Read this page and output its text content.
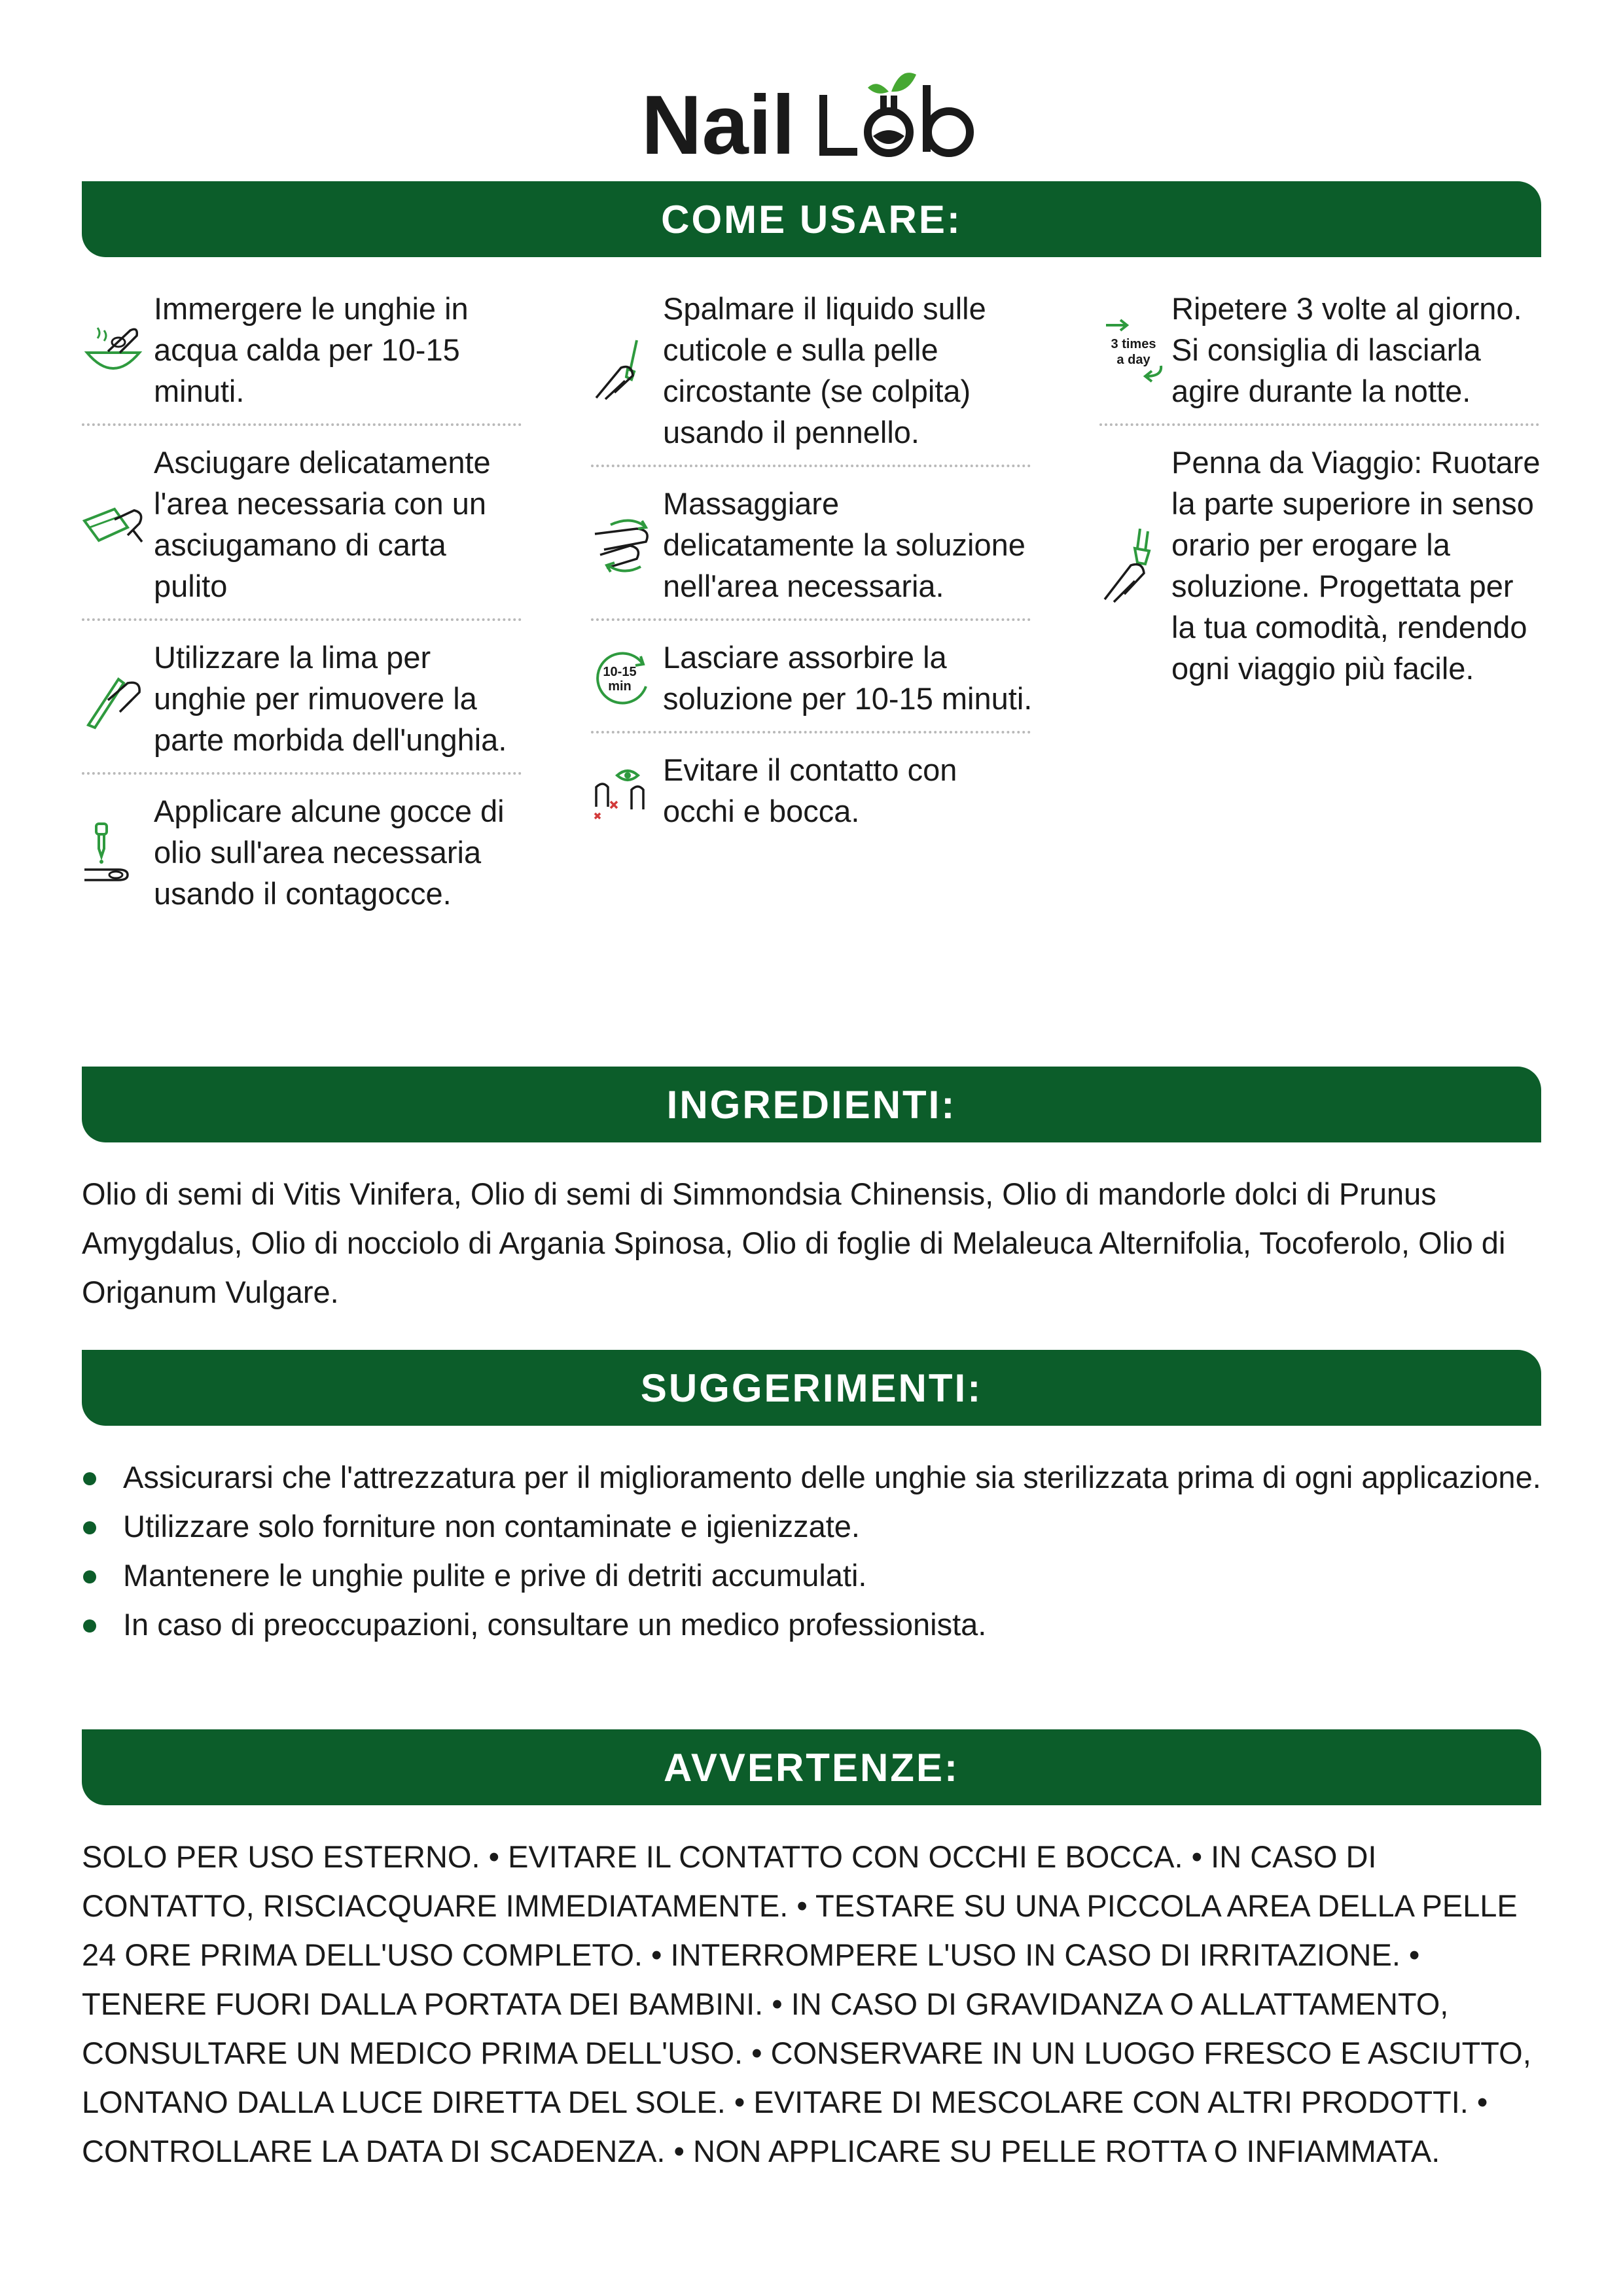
Nail
Lab
COME USARE:
Immergere le unghie in acqua calda per 10-15 minuti.
Asciugare delicatamente l'area necessaria con un asciugamano di carta pulito
Utilizzare la lima per unghie per rimuovere la parte morbida dell'unghia.
Applicare alcune gocce di olio sull'area necessaria usando il contagocce.
Spalmare il liquido sulle cuticole e sulla pelle circostante (se colpita) usando il pennello.
Massaggiare delicatamente la soluzione nell'area necessaria.
10-15
min
Lasciare assorbire la soluzione per 10-15 minuti.
Evitare il contatto con occhi e bocca.
3 times
a day
Ripetere 3 volte al giorno. Si consiglia di lasciarla agire durante la notte.
Penna da Viaggio: Ruotare la parte superiore in senso orario per erogare la soluzione. Progettata per la tua comodità, rendendo ogni viaggio più facile.
INGREDIENTI:
Olio di semi di Vitis Vinifera, Olio di semi di Simmondsia Chinensis, Olio di mandorle dolci di Prunus Amygdalus, Olio di nocciolo di Argania Spinosa, Olio di foglie di Melaleuca Alternifolia, Tocoferolo, Olio di Origanum Vulgare.
SUGGERIMENTI:
Assicurarsi che l'attrezzatura per il miglioramento delle unghie sia sterilizzata prima di ogni applicazione.
Utilizzare solo forniture non contaminate e igienizzate.
Mantenere le unghie pulite e prive di detriti accumulati.
In caso di preoccupazioni, consultare un medico professionista.
AVVERTENZE:
SOLO PER USO ESTERNO. • EVITARE IL CONTATTO CON OCCHI E BOCCA. • IN CASO DI CONTATTO, RISCIACQUARE IMMEDIATAMENTE. • TESTARE SU UNA PICCOLA AREA DELLA PELLE 24 ORE PRIMA DELL'USO COMPLETO. • INTERROMPERE L'USO IN CASO DI IRRITAZIONE. • TENERE FUORI DALLA PORTATA DEI BAMBINI. • IN CASO DI GRAVIDANZA O ALLATTAMENTO, CONSULTARE UN MEDICO PRIMA DELL'USO. • CONSERVARE IN UN LUOGO FRESCO E ASCIUTTO, LONTANO DALLA LUCE DIRETTA DEL SOLE. • EVITARE DI MESCOLARE CON ALTRI PRODOTTI. • CONTROLLARE LA DATA DI SCADENZA. • NON APPLICARE SU PELLE ROTTA O INFIAMMATA.
